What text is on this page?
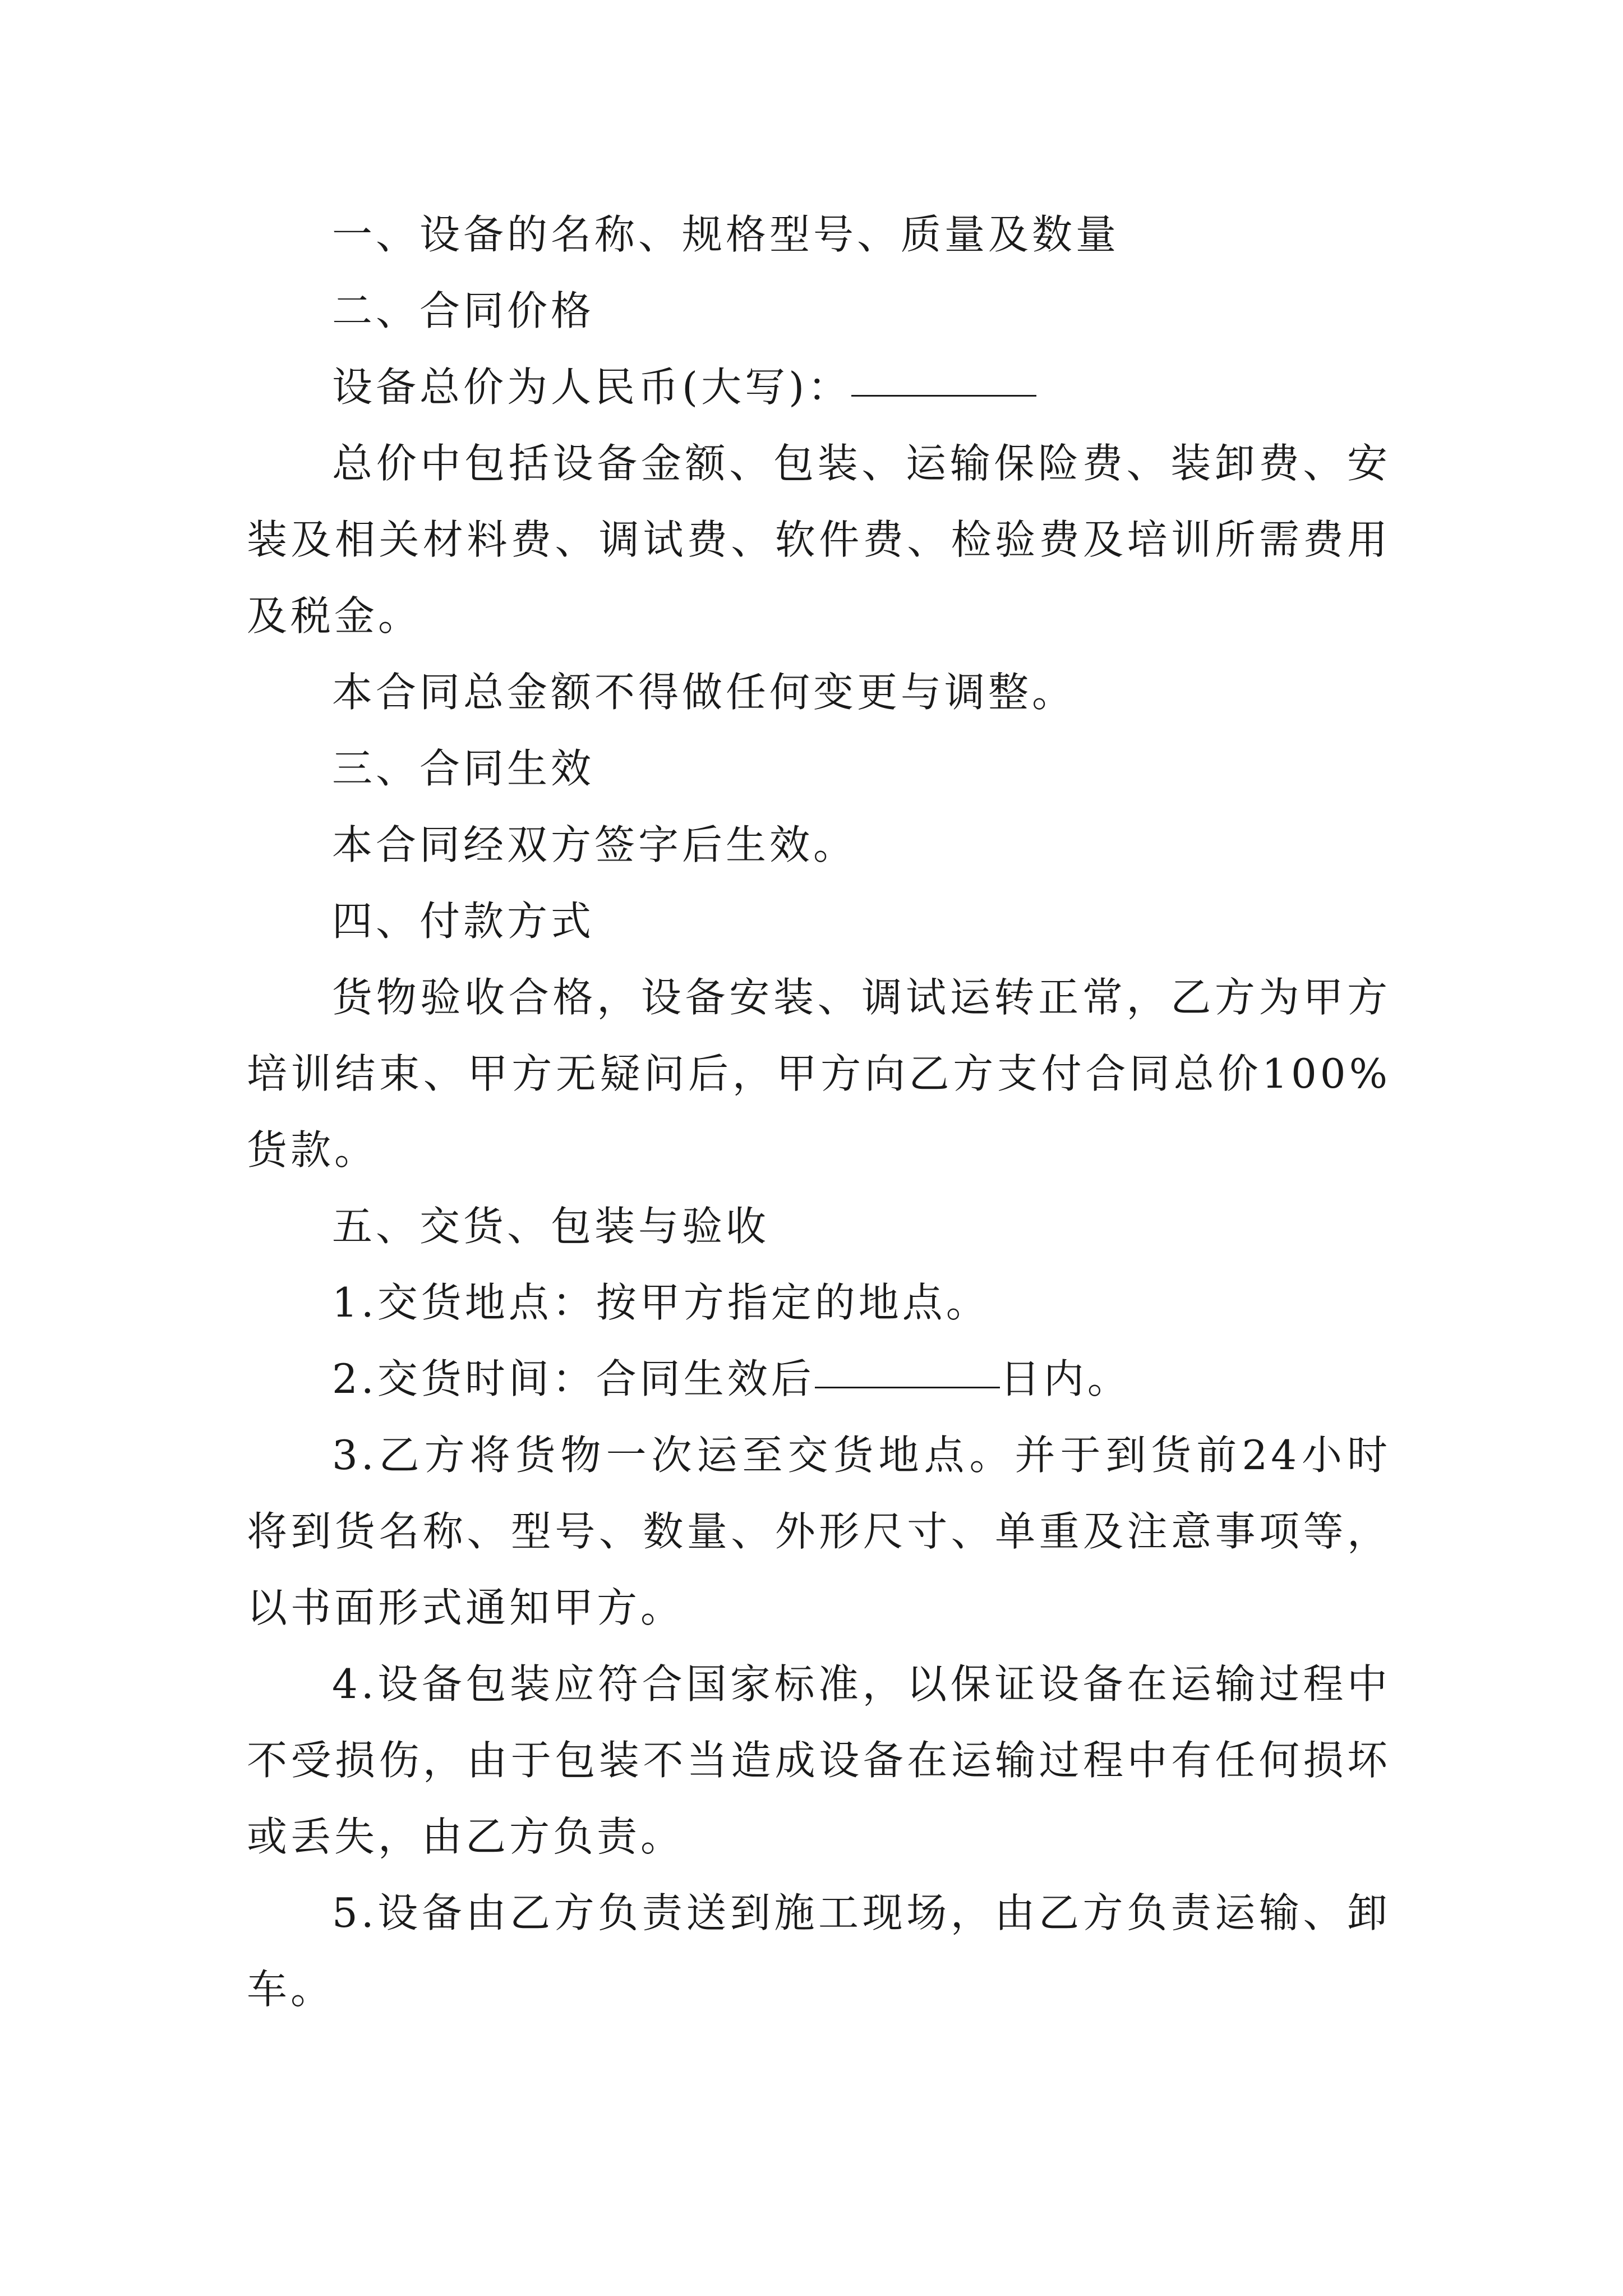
一、设备的名称、规格型号、质量及数量

二、合同价格

设备总价为人民币(大写)：

总价中包括设备金额、包装、运输保险费、装卸费、安装及相关材料费、调试费、软件费、检验费及培训所需费用及税金。

本合同总金额不得做任何变更与调整。

三、合同生效

本合同经双方签字后生效。

四、付款方式

货物验收合格，设备安装、调试运转正常，乙方为甲方培训结束、甲方无疑问后，甲方向乙方支付合同总价100%货款。

五、交货、包装与验收

1.交货地点：按甲方指定的地点。

2.交货时间：合同生效后	日内。

3.乙方将货物一次运至交货地点。并于到货前24小时将到货名称、型号、数量、外形尺寸、单重及注意事项等，以书面形式通知甲方。

4.设备包装应符合国家标准，以保证设备在运输过程中不受损伤，由于包装不当造成设备在运输过程中有任何损坏或丢失，由乙方负责。

5.设备由乙方负责送到施工现场，由乙方负责运输、卸车。
